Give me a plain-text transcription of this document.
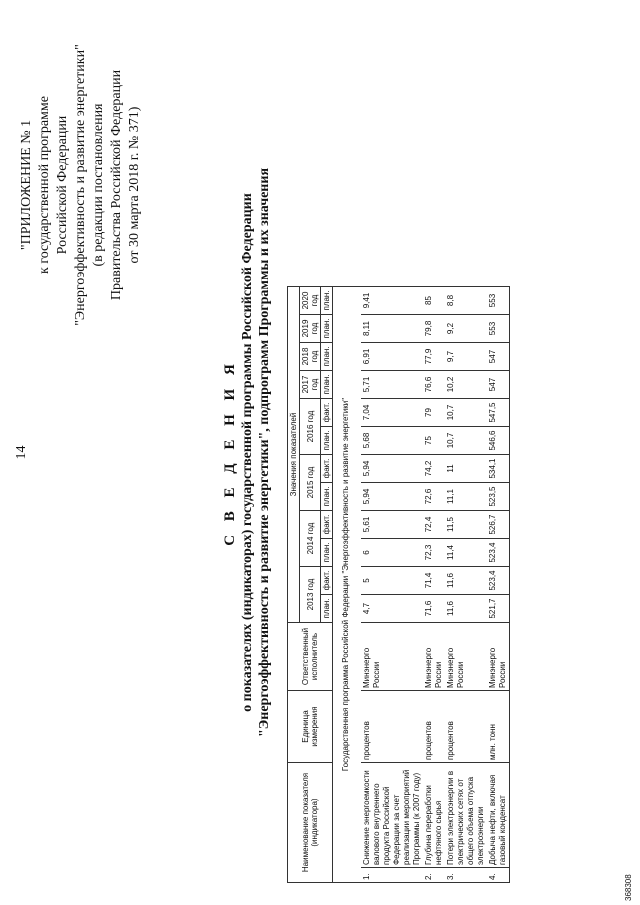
14
"ПРИЛОЖЕНИЕ № 1 к государственной программе Российской Федерации "Энергоэффективность и развитие энергетики" (в редакции постановления Правительства Российской Федерации от 30 марта 2018 г. № 371)
С В Е Д Е Н И Я о показателях (индикаторах) государственной программы Российской Федерации "Энергоэффективность и развитие энергетики", подпрограмм Программы и их значения
Наименование показателя (индикатора)		Единица измерения	Ответственный исполнитель	Значения показателей											
				2013 год		2014 год		2015 год		2016 год		2017 год	2018 год	2019 год	2020 год
				план.	факт.	план.	факт.	план.	факт.	план.	факт.	план.	план.	план.	план.
Государственная программа Российской Федерации "Энергоэффективность и развитие энергетики"															
1.	Снижение энергоемкости валового внутреннего продукта Российской Федерации за счет реализации мероприятий Программы (к 2007 году)	процентов	Минэнерго России	4,7	5	6	5,61	5,94	5,94	5,68	7,04	5,71	6,91	8,11	9,41
2.	Глубина переработки нефтяного сырья	процентов	Минэнерго России	71,6	71,4	72,3	72,4	72,6	74,2	75	79	76,6	77,9	79,8	85
3.	Потери электроэнергии в электрических сетях от общего объема отпуска электроэнергии	процентов	Минэнерго России	11,6	11,6	11,4	11,5	11,1	11	10,7	10,7	10,2	9,7	9,2	8,8
4.	Добыча нефти, включая газовый конденсат	млн. тонн	Минэнерго России	521,7	523,4	523,4	526,7	523,5	534,1	546,6	547,5	547	547	553	553
368308
